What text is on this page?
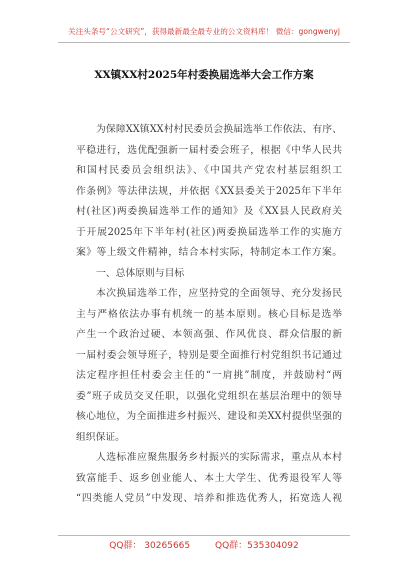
关注头条号“公文研究”，获得最新最全最专业的公文资料库！ 微信：gongwenyj
XX镇XX村2025年村委换届选举大会工作方案
为保障XX镇XX村村民委员会换届选举工作依法、有序、
平稳进行，选优配强新一届村委会班子，根据《中华人民共
和国村民委员会组织法》、《中国共产党农村基层组织工
作条例》等法律法规，并依据《XX县委关于2025年下半年
村(社区)两委换届选举工作的通知》及《XX县人民政府关
于开展2025年下半年村(社区)两委换届选举工作的实施方
案》等上级文件精神，结合本村实际，特制定本工作方案。
一、总体原则与目标
本次换届选举工作，应坚持党的全面领导、充分发扬民
主与严格依法办事有机统一的基本原则。核心目标是选举
产生一个政治过硬、本领高强、作风优良、群众信服的新
一届村委会领导班子，特别是要全面推行村党组织书记通过
法定程序担任村委会主任的“一肩挑”制度，并鼓励村“两
委”班子成员交叉任职，以强化党组织在基层治理中的领导
核心地位，为全面推进乡村振兴、建设和美XX村提供坚强的
组织保证。
人选标准应聚焦服务乡村振兴的实际需求，重点从本村
致富能手、返乡创业能人、本土大学生、优秀退役军人等
“四类能人党员”中发现、培养和推选优秀人，拓宽选人视
QQ群： 30265665	QQ群：535304092
